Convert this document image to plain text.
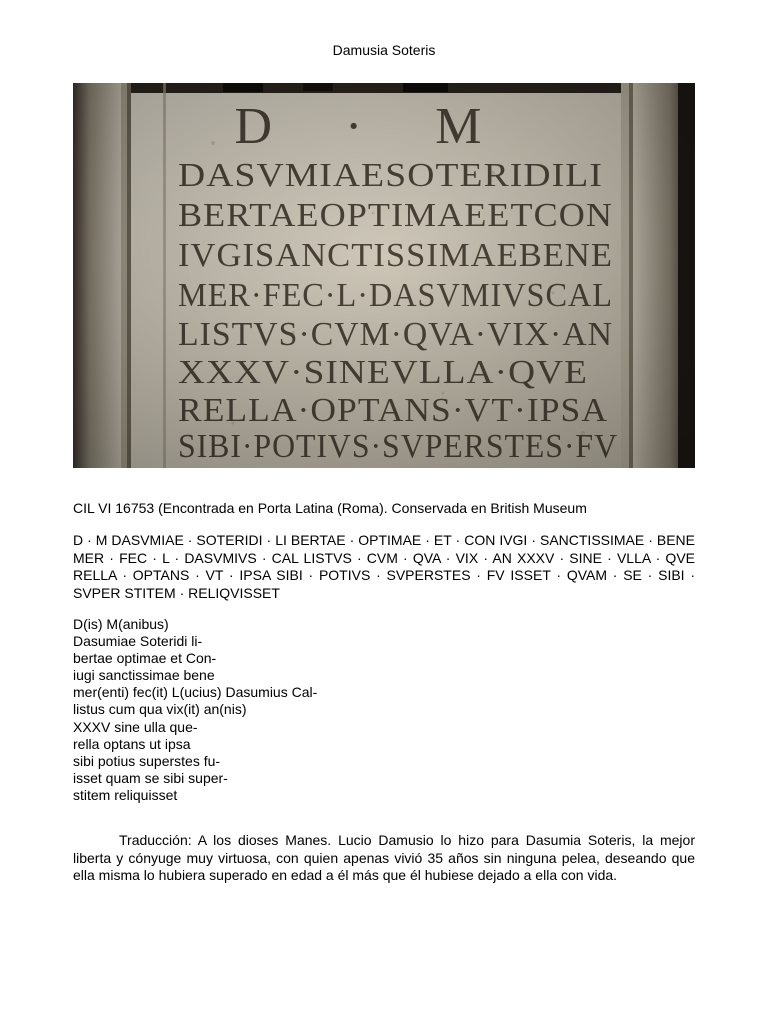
Damusia Soteris
CIL VI 16753 (Encontrada en Porta Latina (Roma). Conservada en British Museum
D · M DASVMIAE · SOTERIDI · LI BERTAE · OPTIMAE · ET · CON IVGI · SANCTISSIMAE · BENE MER · FEC · L · DASVMIVS · CAL LISTVS · CVM · QVA · VIX · AN XXXV · SINE · VLLA · QVE RELLA · OPTANS · VT · IPSA SIBI · POTIVS · SVPERSTES · FV ISSET · QVAM · SE · SIBI · SVPER STITEM · RELIQVISSET
D(is) M(anibus)
Dasumiae Soteridi li-
bertae optimae et Con-
iugi sanctissimae bene
mer(enti) fec(it) L(ucius) Dasumius Cal-
listus cum qua vix(it) an(nis)
XXXV sine ulla que-
rella optans ut ipsa
sibi potius superstes fu-
isset quam se sibi super-
stitem reliquisset
Traducción: A los dioses Manes. Lucio Damusio lo hizo para Dasumia Soteris, la mejor liberta y cónyuge muy virtuosa, con quien apenas vivió 35 años sin ninguna pelea, deseando que ella misma lo hubiera superado en edad a él más que él hubiese dejado a ella con vida.
